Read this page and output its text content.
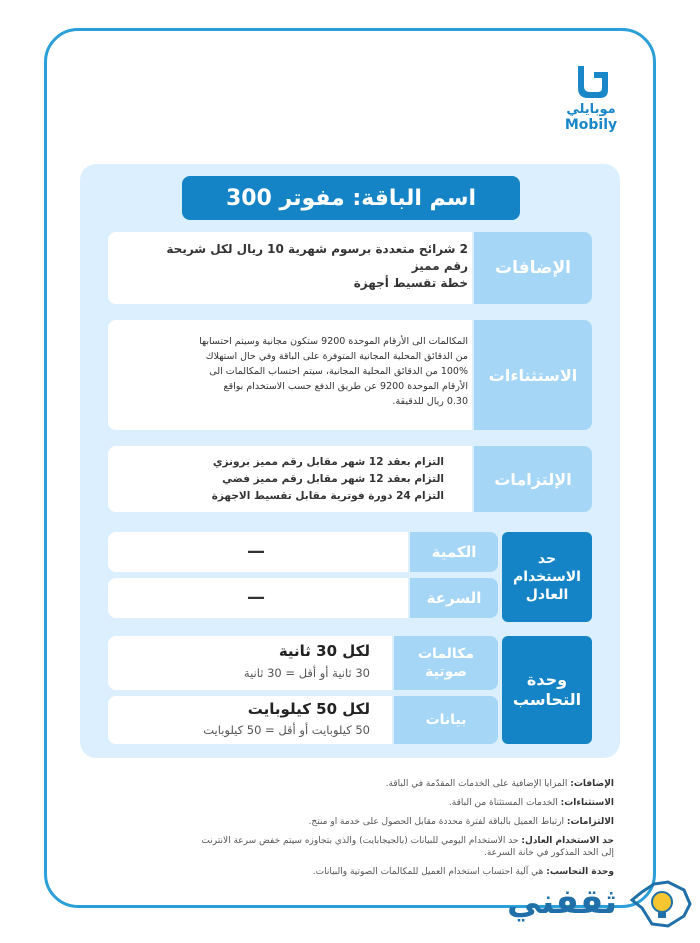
موبايلي
Mobily
اسم الباقة: مفوتر 300
الإضافات
2 شرائح متعددة برسوم شهرية 10 ريال لكل شريحة
رقم مميز
خطة تقسيط أجهزة
الاستثناءات
المكالمات الى الأرقام الموحدة 9200 ستكون مجانية وسيتم احتسابها
من الدقائق المحلية المجانية المتوفرة على الباقة وفي حال استهلاك
100% من الدقائق المحلية المجانية، سيتم احتساب المكالمات الى
الأرقام الموحدة 9200 عن طريق الدفع حسب الاستخدام بواقع
0.30 ريال للدقيقة.
الإلتزامات
التزام بعقد 12 شهر مقابل رقم مميز برونزي
التزام بعقد 12 شهر مقابل رقم مميز فضي
التزام 24 دورة فوترية مقابل تقسيط الاجهزة
حد الاستخدام العادل
الكمية
—
السرعة
—
وحدة التحاسب
مكالمات صوتية
لكل 30 ثانية
30 ثانية أو أقل = 30 ثانية
بيانات
لكل 50 كيلوبايت
50 كيلوبايت أو أقل = 50 كيلوبايت
الإضافات: المزايا الإضافية على الخدمات المقدّمة في الباقة.
الاستثناءات: الخدمات المستثناة من الباقة.
الالتزامات: ارتباط العميل بالباقة لفترة محددة مقابل الحصول على خدمة او منتج.
حد الاستخدام العادل: حد الاستخدام اليومي للبيانات (بالجيجابايت) والذي بتجاوزه سيتم خفض سرعة الانترنت
إلى الحد المذكور في خانة السرعة.
وحدة التحاسب: هي آلية احتساب استخدام العميل للمكالمات الصوتية والبيانات.
ثقفني
